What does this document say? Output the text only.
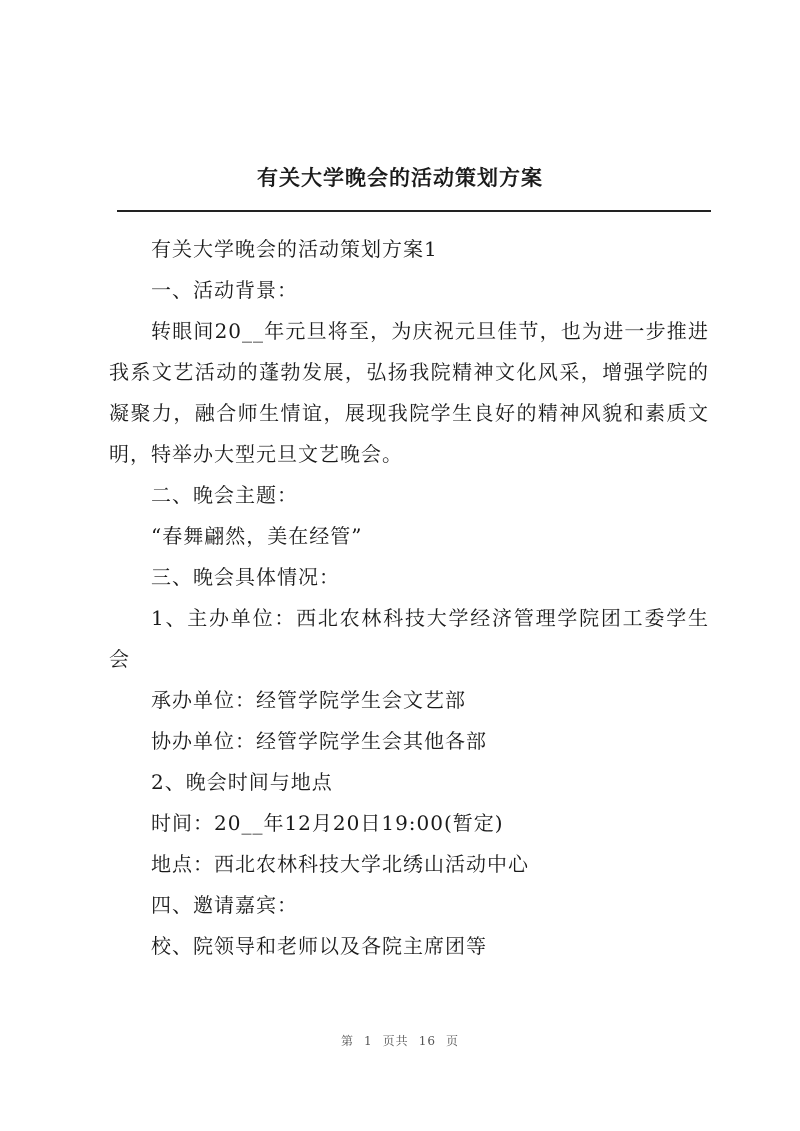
有关大学晚会的活动策划方案

有关大学晚会的活动策划方案1

一、活动背景：

转眼间20__年元旦将至，为庆祝元旦佳节，也为进一步推进我系文艺活动的蓬勃发展，弘扬我院精神文化风采，增强学院的凝聚力，融合师生情谊，展现我院学生良好的精神风貌和素质文明，特举办大型元旦文艺晚会。

二、晚会主题：

“春舞翩然，美在经管”

三、晚会具体情况：

1、主办单位：西北农林科技大学经济管理学院团工委学生会

承办单位：经管学院学生会文艺部

协办单位：经管学院学生会其他各部

2、晚会时间与地点

时间：20__年12月20日19:00(暂定)

地点：西北农林科技大学北绣山活动中心

四、邀请嘉宾：

校、院领导和老师以及各院主席团等

第 1 页共 16 页
